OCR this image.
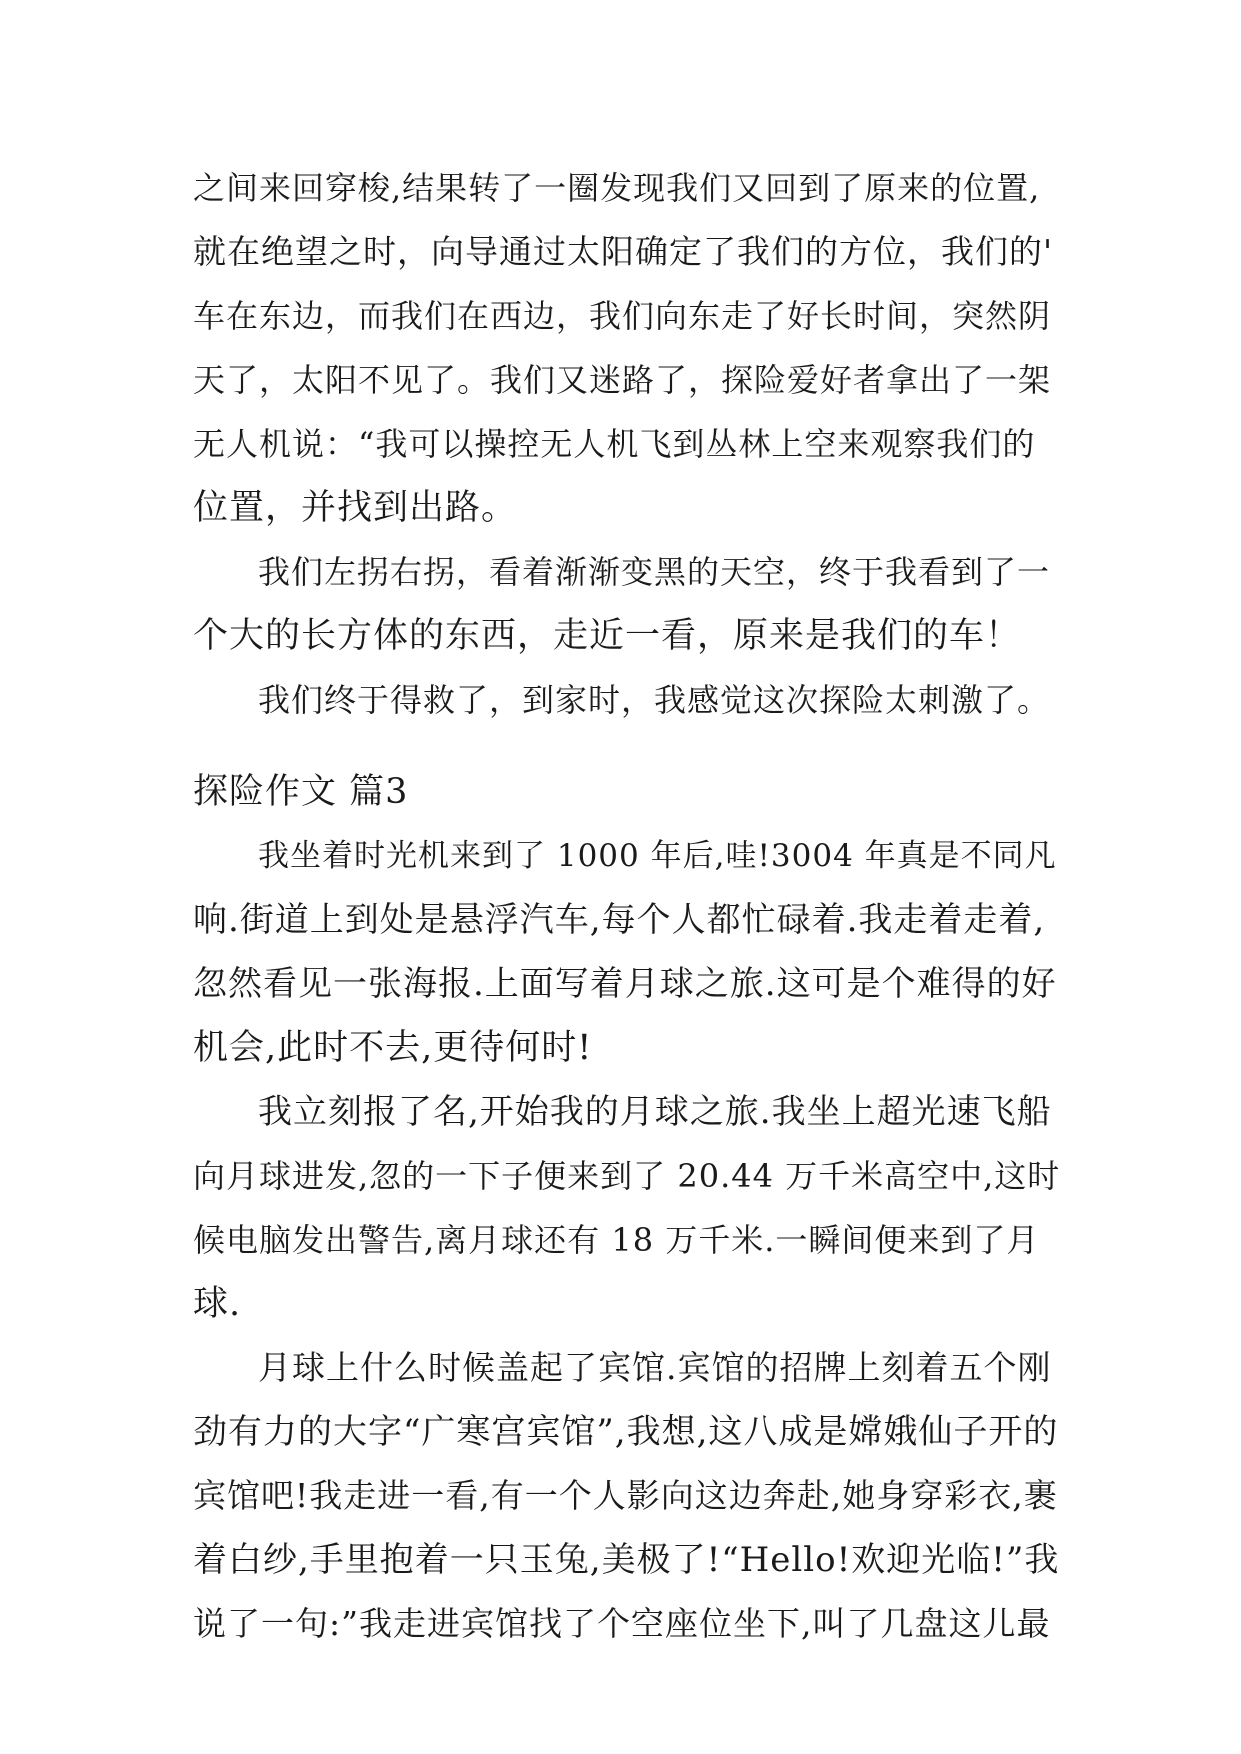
之间来回穿梭,结果转了一圈发现我们又回到了原来的位置,
就在绝望之时，向导通过太阳确定了我们的方位，我们的'
车在东边，而我们在西边，我们向东走了好长时间，突然阴
天了，太阳不见了。我们又迷路了，探险爱好者拿出了一架
无人机说：“我可以操控无人机飞到丛林上空来观察我们的
位置，并找到出路。
我们左拐右拐，看着渐渐变黑的天空，终于我看到了一
个大的长方体的东西，走近一看，原来是我们的车！
我们终于得救了，到家时，我感觉这次探险太刺激了。
探险作文 篇3
我坐着时光机来到了 1000 年后,哇!3004 年真是不同凡
响.街道上到处是悬浮汽车,每个人都忙碌着.我走着走着,
忽然看见一张海报.上面写着月球之旅.这可是个难得的好
机会,此时不去,更待何时!
我立刻报了名,开始我的月球之旅.我坐上超光速飞船
向月球进发,忽的一下子便来到了 20.44 万千米高空中,这时
候电脑发出警告,离月球还有 18 万千米.一瞬间便来到了月
球.
月球上什么时候盖起了宾馆.宾馆的招牌上刻着五个刚
劲有力的大字“广寒宫宾馆”,我想,这八成是嫦娥仙子开的
宾馆吧!我走进一看,有一个人影向这边奔赴,她身穿彩衣,裹
着白纱,手里抱着一只玉兔,美极了!“Hello!欢迎光临!”我
说了一句:”我走进宾馆找了个空座位坐下,叫了几盘这儿最
